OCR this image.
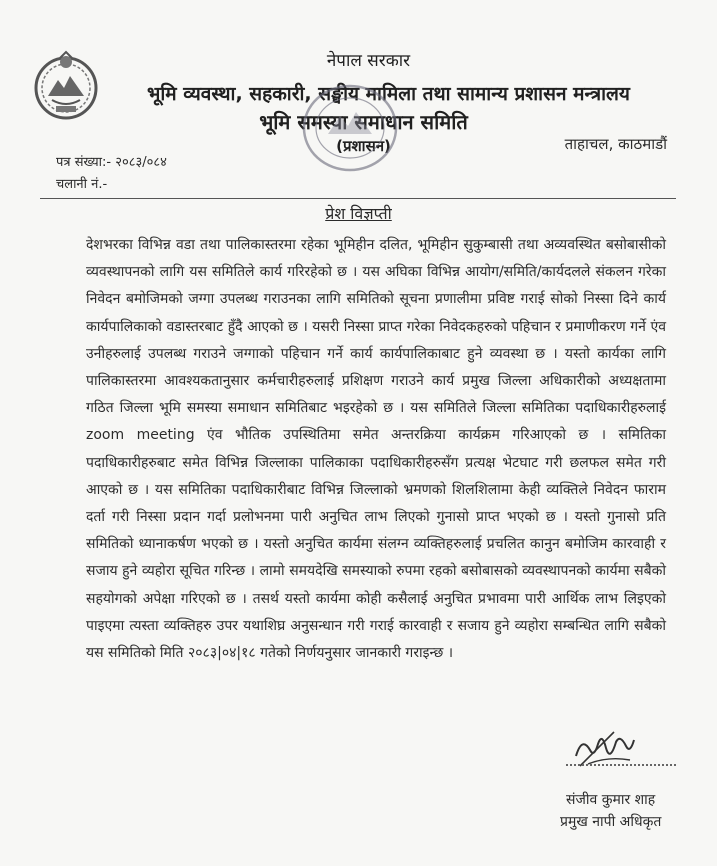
नेपाल सरकार
भूमि व्यवस्था, सहकारी, सङ्घीय मामिला तथा सामान्य प्रशासन मन्त्रालय
भूमि समस्या समाधान समिति
(प्रशासन)	ताहाचल, काठमाडौं
पत्र संख्या:- २०८३/०८४
चलानी नं.-
प्रेश विज्ञप्ती
देशभरका विभिन्न वडा तथा पालिकास्तरमा रहेका भूमिहीन दलित, भूमिहीन सुकुम्बासी तथा अव्यवस्थित बसोबासीको व्यवस्थापनको लागि यस समितिले कार्य गरिरहेको छ । यस अघिका विभिन्न आयोग/समिति/कार्यदलले संकलन गरेका निवेदन बमोजिमको जग्गा उपलब्ध गराउनका लागि समितिको सूचना प्रणालीमा प्रविष्ट गराई सोको निस्सा दिने कार्य कार्यपालिकाको वडास्तरबाट हुँदै आएको छ । यसरी निस्सा प्राप्त गरेका निवेदकहरुको पहिचान र प्रमाणीकरण गर्ने एंव उनीहरुलाई उपलब्ध गराउने जग्गाको पहिचान गर्ने कार्य कार्यपालिकाबाट हुने व्यवस्था छ । यस्तो कार्यका लागि पालिकास्तरमा आवश्यकतानुसार कर्मचारीहरुलाई प्रशिक्षण गराउने कार्य प्रमुख जिल्ला अधिकारीको अध्यक्षतामा गठित जिल्ला भूमि समस्या समाधान समितिबाट भइरहेको छ । यस समितिले जिल्ला समितिका पदाधिकारीहरुलाई zoom meeting एंव भौतिक उपस्थितिमा समेत अन्तरक्रिया कार्यक्रम गरिआएको छ । समितिका पदाधिकारीहरुबाट समेत विभिन्न जिल्लाका पालिकाका पदाधिकारीहरुसँग प्रत्यक्ष भेटघाट गरी छलफल समेत गरी आएको छ । यस समितिका पदाधिकारीबाट विभिन्न जिल्लाको भ्रमणको शिलशिलामा केही व्यक्तिले निवेदन फाराम दर्ता गरी निस्सा प्रदान गर्दा प्रलोभनमा पारी अनुचित लाभ लिएको गुनासो प्राप्त भएको छ । यस्तो गुनासो प्रति समितिको ध्यानाकर्षण भएको छ । यस्तो अनुचित कार्यमा संलग्न व्यक्तिहरुलाई प्रचलित कानुन बमोजिम कारवाही र सजाय हुने व्यहोरा सूचित गरिन्छ । लामो समयदेखि समस्याको रुपमा रहको बसोबासको व्यवस्थापनको कार्यमा सबैको सहयोगको अपेक्षा गरिएको छ । तसर्थ यस्तो कार्यमा कोही कसैलाई अनुचित प्रभावमा पारी आर्थिक लाभ लिइएको पाइएमा त्यस्ता व्यक्तिहरु उपर यथाशिघ्र अनुसन्धान गरी गराई कारवाही र सजाय हुने व्यहोरा सम्बन्धित लागि सबैको यस समितिको मिति २०८३|०४|१८ गतेको निर्णयनुसार जानकारी गराइन्छ ।
संजीव कुमार शाह
प्रमुख नापी अधिकृत
